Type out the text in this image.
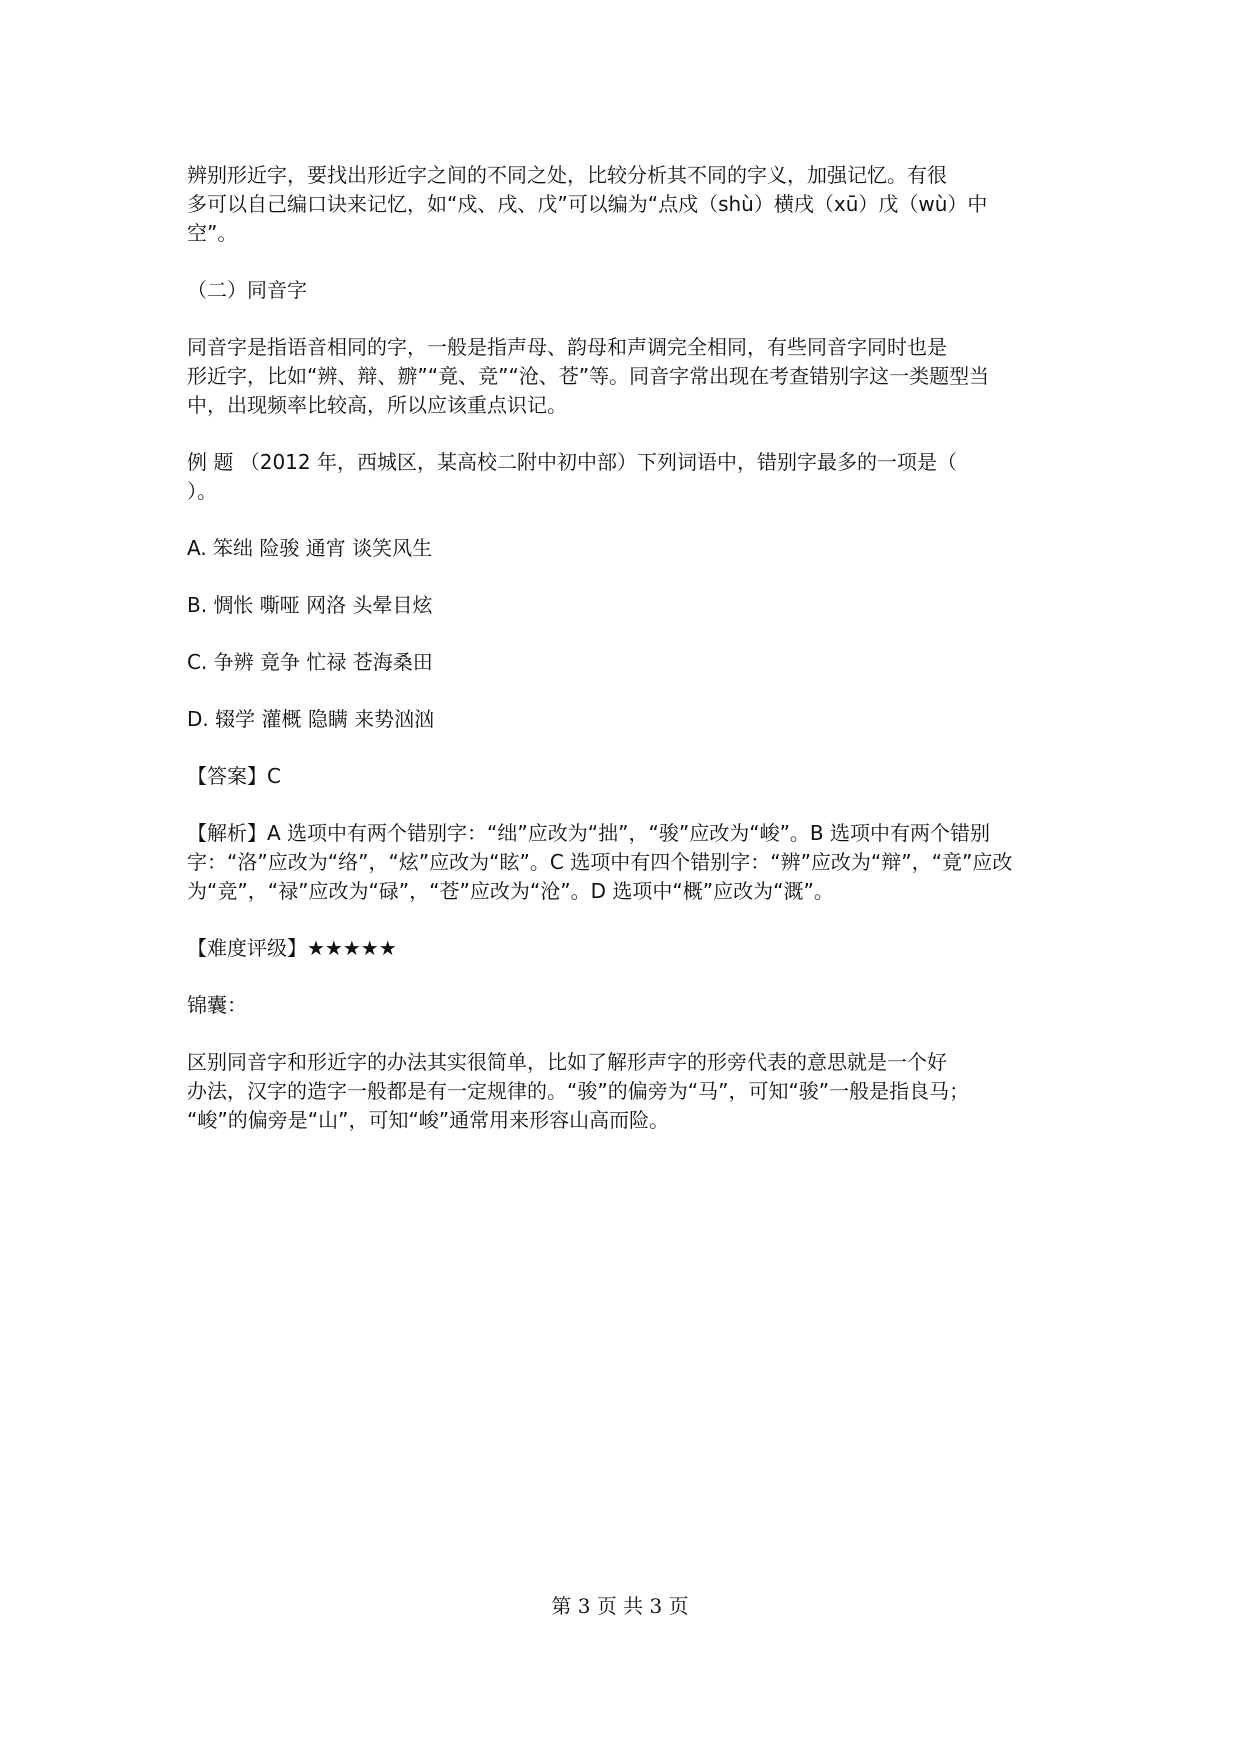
辨别形近字，要找出形近字之间的不同之处，比较分析其不同的字义，加强记忆。有很
多可以自己编口诀来记忆，如“戍、戌、戊”可以编为“点戍（shù）横戌（xū）戊（wù）中
空”。
（二）同音字
同音字是指语音相同的字，一般是指声母、韵母和声调完全相同，有些同音字同时也是
形近字，比如“辨、辩、辧”“竟、竞”“沧、苍”等。同音字常出现在考查错别字这一类题型当
中，出现频率比较高，所以应该重点识记。
例 题 （2012 年，西城区，某高校二附中初中部）下列词语中，错别字最多的一项是（
）。
A. 笨绌 险骏 通宵 谈笑风生
B. 惆怅 嘶哑 网洛 头晕目炫
C. 争辨 竟争 忙禄 苍海桑田
D. 辍学 灌概 隐瞒 来势汹汹
【答案】C
【解析】A 选项中有两个错别字：“绌”应改为“拙”，“骏”应改为“峻”。B 选项中有两个错别
字：“洛”应改为“络”，“炫”应改为“眩”。C 选项中有四个错别字：“辨”应改为“辩”，“竟”应改
为“竞”，“禄”应改为“碌”，“苍”应改为“沧”。D 选项中“概”应改为“溉”。
【难度评级】★★★★★
锦囊：
区别同音字和形近字的办法其实很简单，比如了解形声字的形旁代表的意思就是一个好
办法，汉字的造字一般都是有一定规律的。“骏”的偏旁为“马”，可知“骏”一般是指良马；
“峻”的偏旁是“山”，可知“峻”通常用来形容山高而险。
第 3 页 共 3 页
